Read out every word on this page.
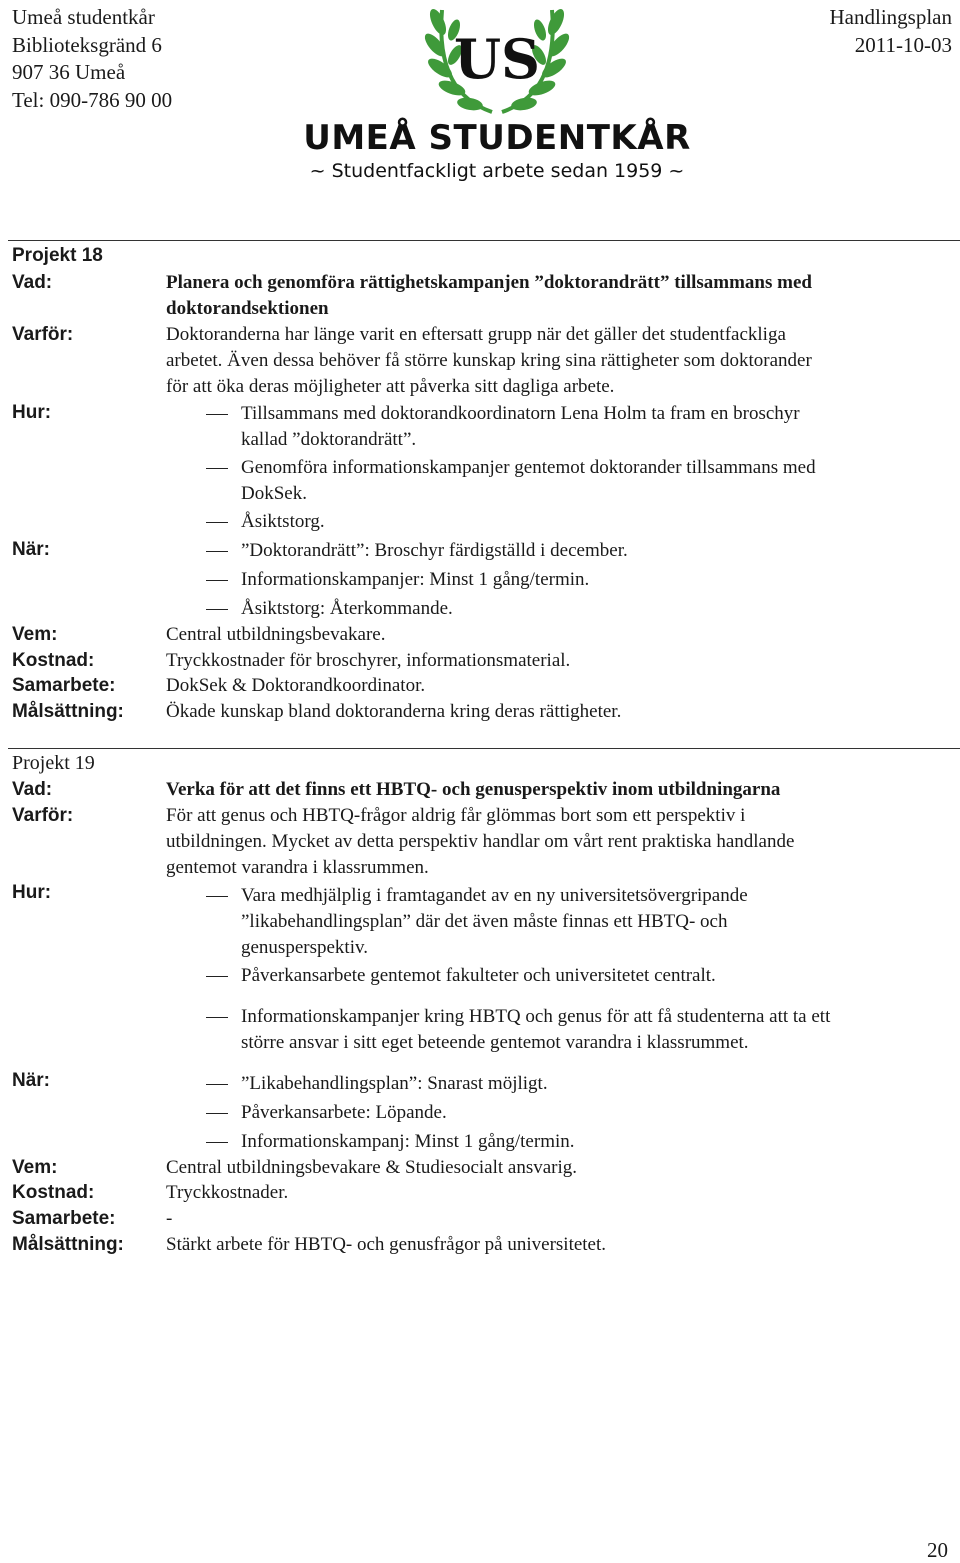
Umeå studentkår
Biblioteksgränd 6
907 36 Umeå
Tel: 090-786 90 00
Handlingsplan
2011-10-03
US
UMEÅ STUDENTKÅR
~ Studentfackligt arbete sedan 1959 ~
Projekt 18
Vad:	Planera och genomföra rättighetskampanjen ”doktorandrätt” tillsammans med
doktorandsektionen
Varför:	Doktoranderna har länge varit en eftersatt grupp när det gäller det studentfackliga
arbetet. Även dessa behöver få större kunskap kring sina rättigheter som doktorander
för att öka deras möjligheter att påverka sitt dagliga arbete.
Hur:	Tillsammans med doktorandkoordinatorn Lena Holm ta fram en broschyr
kallad ”doktorandrätt”.
Genomföra informationskampanjer gentemot doktorander tillsammans med
DokSek.
Åsiktstorg.
När:	”Doktorandrätt”: Broschyr färdigställd i december.
Informationskampanjer: Minst 1 gång/termin.
Åsiktstorg: Återkommande.
Vem:	Central utbildningsbevakare.
Kostnad:	Tryckkostnader för broschyrer, informationsmaterial.
Samarbete:	DokSek & Doktorandkoordinator.
Målsättning: Ökade kunskap bland doktoranderna kring deras rättigheter.
Projekt 19
Vad:	Verka för att det finns ett HBTQ- och genusperspektiv inom utbildningarna
Varför:	För att genus och HBTQ-frågor aldrig får glömmas bort som ett perspektiv i
utbildningen. Mycket av detta perspektiv handlar om vårt rent praktiska handlande
gentemot varandra i klassrummen.
Hur:	Vara medhjälplig i framtagandet av en ny universitetsövergripande
”likabehandlingsplan” där det även måste finnas ett HBTQ- och
genusperspektiv.
Påverkansarbete gentemot fakulteter och universitetet centralt.
Informationskampanjer kring HBTQ och genus för att få studenterna att ta ett
större ansvar i sitt eget beteende gentemot varandra i klassrummet.
När:	”Likabehandlingsplan”: Snarast möjligt.
Påverkansarbete: Löpande.
Informationskampanj: Minst 1 gång/termin.
Vem:	Central utbildningsbevakare & Studiesocialt ansvarig.
Kostnad:	Tryckkostnader.
Samarbete:	-
Målsättning: Stärkt arbete för HBTQ- och genusfrågor på universitetet.
20
